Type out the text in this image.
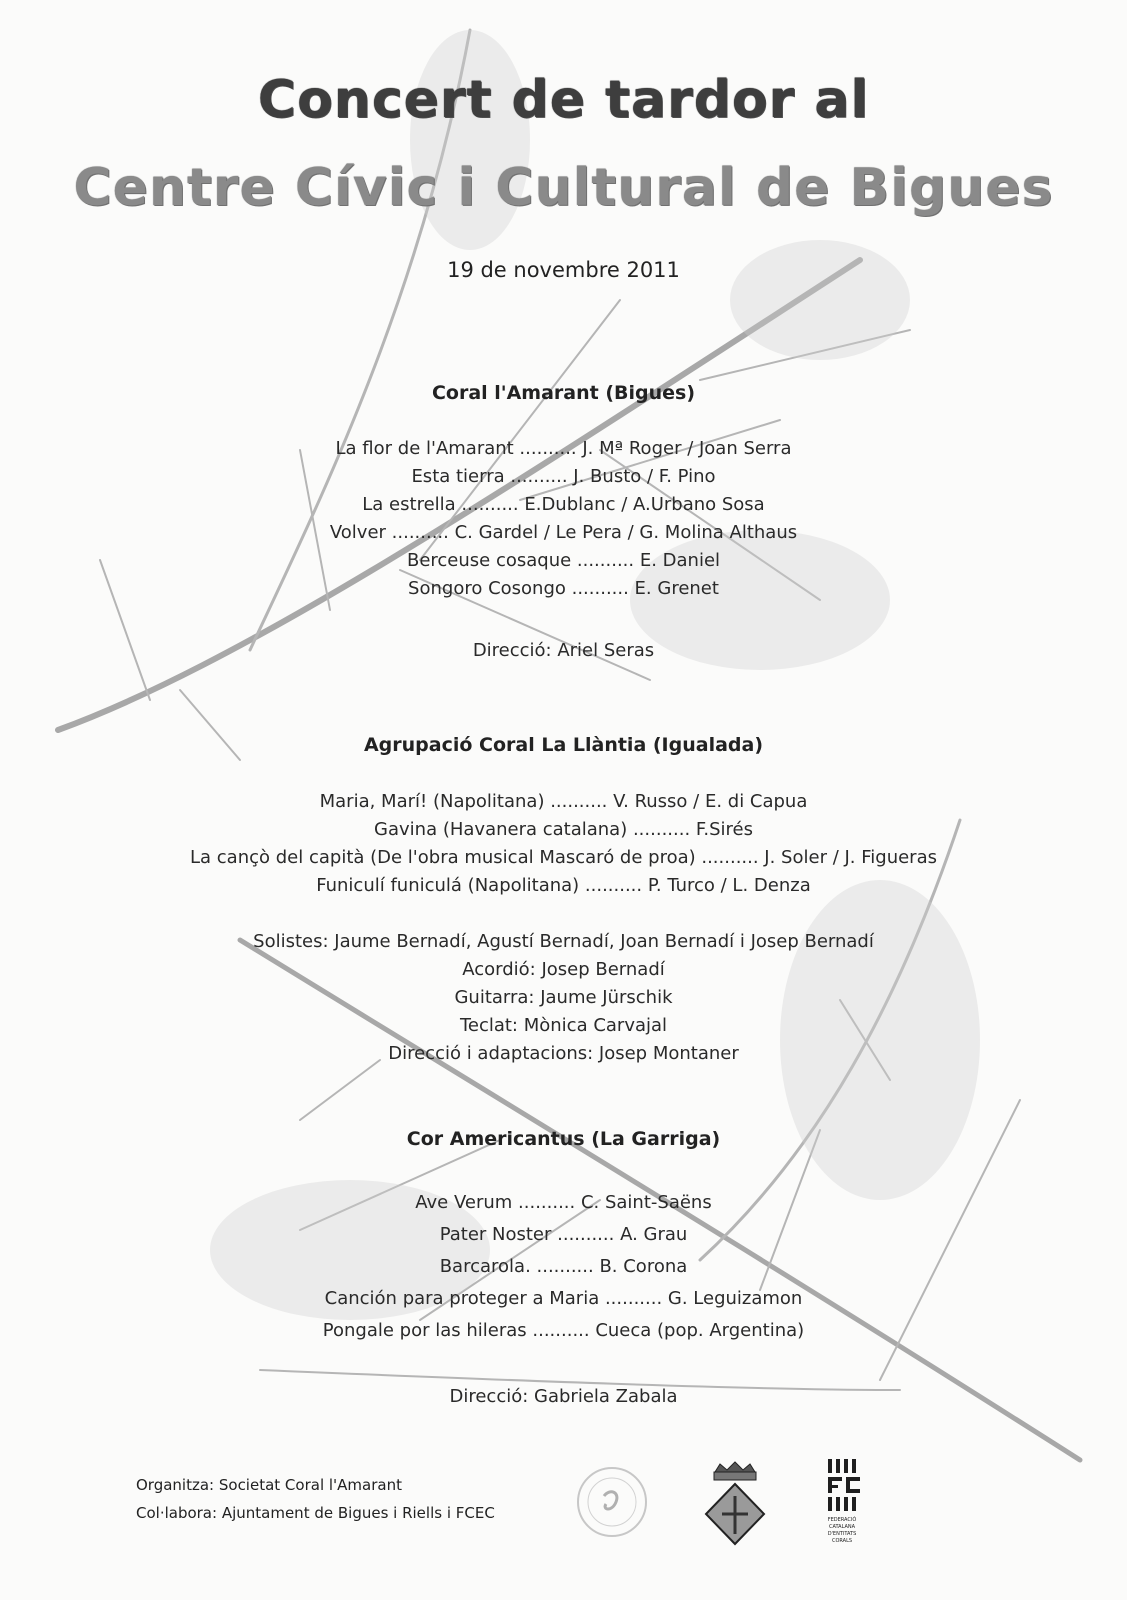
Concert de tardor al
Centre Cívic i Cultural de Bigues
19 de novembre 2011
Coral l'Amarant (Bigues)
La flor de l'Amarant .......... J. Mª Roger / Joan Serra
Esta tierra .......... J. Busto / F. Pino
La estrella .......... E.Dublanc / A.Urbano Sosa
Volver .......... C. Gardel / Le Pera / G. Molina Althaus
Berceuse cosaque .......... E. Daniel
Songoro Cosongo .......... E. Grenet
Direcció: Ariel Seras
Agrupació Coral La Llàntia (Igualada)
Maria, Marí! (Napolitana) .......... V. Russo / E. di Capua
Gavina (Havanera catalana) .......... F.Sirés
La cançò del capità (De l'obra musical Mascaró de proa) .......... J. Soler / J. Figueras
Funiculí funiculá (Napolitana) .......... P. Turco / L. Denza
Solistes: Jaume Bernadí, Agustí Bernadí, Joan Bernadí i Josep Bernadí
Acordió: Josep Bernadí
Guitarra: Jaume Jürschik
Teclat: Mònica Carvajal
Direcció i adaptacions: Josep Montaner
Cor Americantus (La Garriga)
Ave Verum .......... C. Saint-Saëns
Pater Noster .......... A. Grau
Barcarola. .......... B. Corona
Canción para proteger a Maria .......... G. Leguizamon
Pongale por las hileras .......... Cueca (pop. Argentina)
Direcció: Gabriela Zabala
Organitza: Societat Coral l'Amarant
Col·labora: Ajuntament de Bigues i Riells i FCEC	FEDERACIÓ
CATALANA
D'ENTITATS
CORALS
